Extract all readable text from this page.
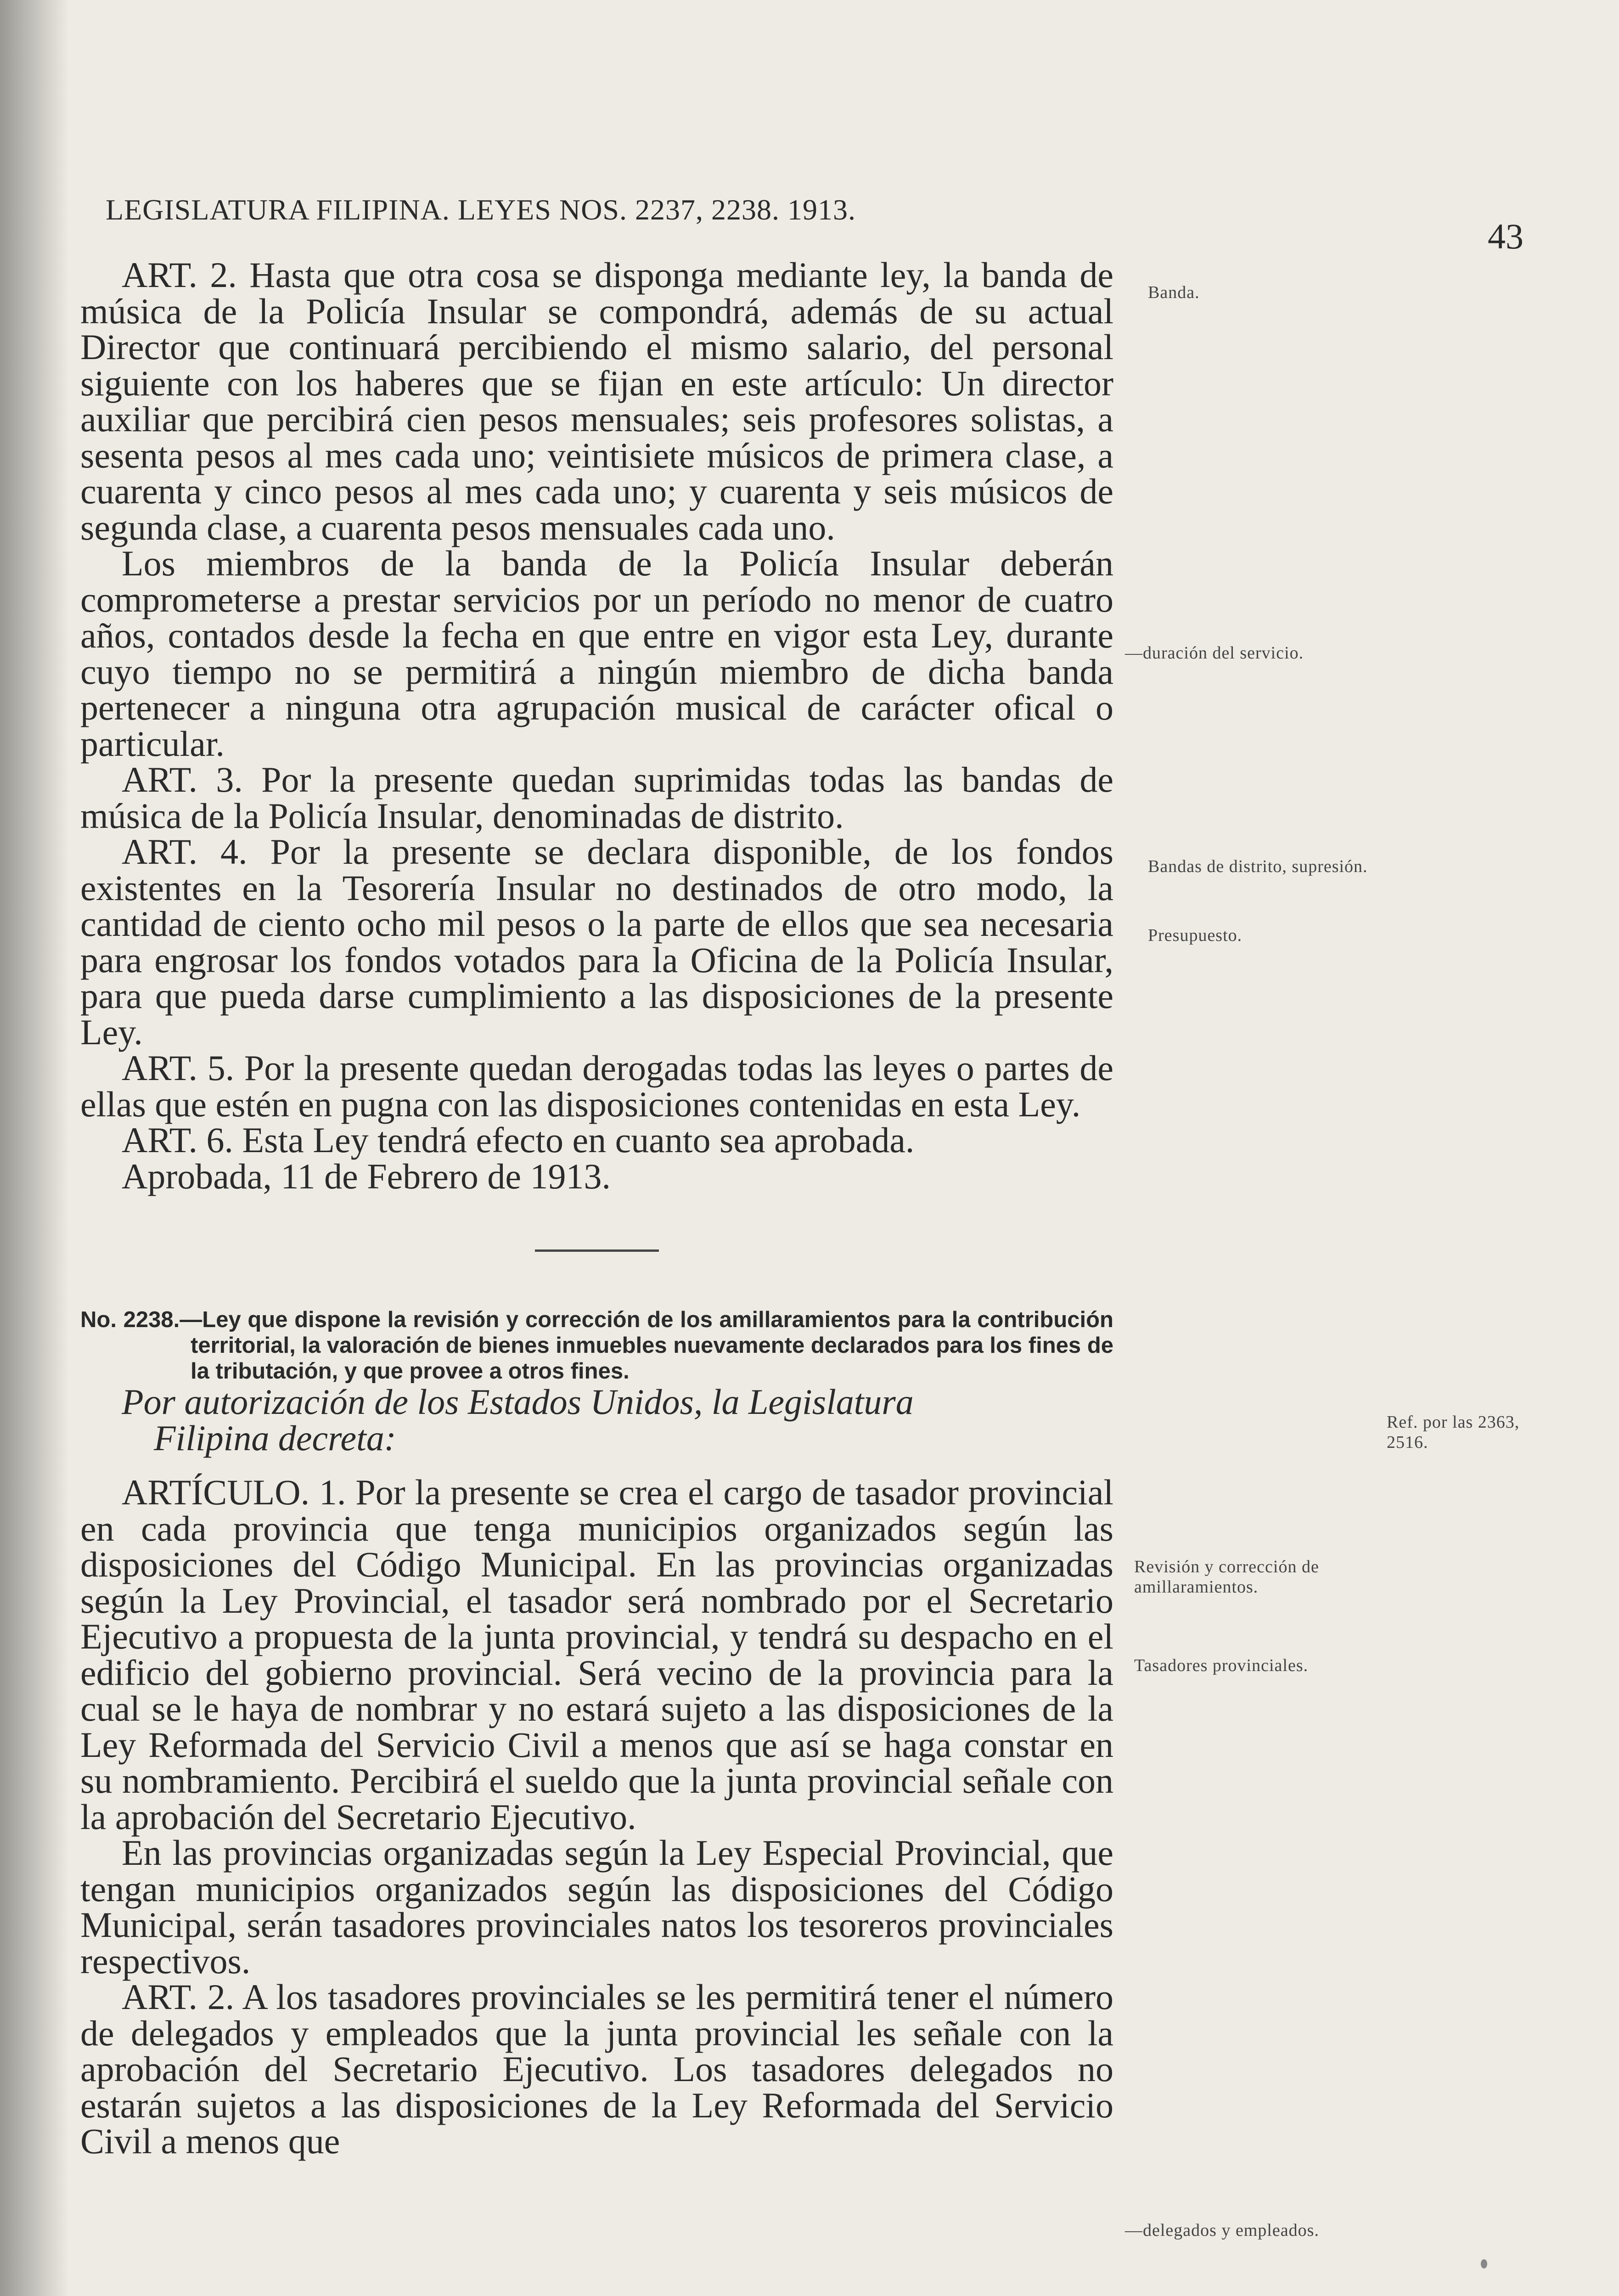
LEGISLATURA FILIPINA. LEYES NOS. 2237, 2238. 1913.
43

ART. 2. Hasta que otra cosa se disponga mediante ley, la banda de música de la Policía Insular se compondrá, además de su actual Director que continuará percibiendo el mismo salario, del personal siguiente con los haberes que se fijan en este artículo: Un director auxiliar que percibirá cien pesos mensuales; seis profesores solistas, a sesenta pesos al mes cada uno; veintisiete músicos de primera clase, a cuarenta y cinco pesos al mes cada uno; y cuarenta y seis músicos de segunda clase, a cuarenta pesos mensuales cada uno.

Los miembros de la banda de la Policía Insular deberán comprometerse a prestar servicios por un período no menor de cuatro años, contados desde la fecha en que entre en vigor esta Ley, durante cuyo tiempo no se permitirá a ningún miembro de dicha banda pertenecer a ninguna otra agrupación musical de carácter ofical o particular.

ART. 3. Por la presente quedan suprimidas todas las bandas de música de la Policía Insular, denominadas de distrito.

ART. 4. Por la presente se declara disponible, de los fondos existentes en la Tesorería Insular no destinados de otro modo, la cantidad de ciento ocho mil pesos o la parte de ellos que sea necesaria para engrosar los fondos votados para la Oficina de la Policía Insular, para que pueda darse cumplimiento a las disposiciones de la presente Ley.

ART. 5. Por la presente quedan derogadas todas las leyes o partes de ellas que estén en pugna con las disposiciones contenidas en esta Ley.

ART. 6. Esta Ley tendrá efecto en cuanto sea aprobada.

Aprobada, 11 de Febrero de 1913.

No. 2238.—Ley que dispone la revisión y corrección de los amillaramientos para la contribución territorial, la valoración de bienes inmuebles nuevamente declarados para los fines de la tributación, y que provee a otros fines.

Por autorización de los Estados Unidos, la Legislatura
Filipina decreta:

ARTÍCULO. 1. Por la presente se crea el cargo de tasador provincial en cada provincia que tenga municipios organizados según las disposiciones del Código Municipal. En las provincias organizadas según la Ley Provincial, el tasador será nombrado por el Secretario Ejecutivo a propuesta de la junta provincial, y tendrá su despacho en el edificio del gobierno provincial. Será vecino de la provincia para la cual se le haya de nombrar y no estará sujeto a las disposiciones de la Ley Reformada del Servicio Civil a menos que así se haga constar en su nombramiento. Percibirá el sueldo que la junta provincial señale con la aprobación del Secretario Ejecutivo.

En las provincias organizadas según la Ley Especial Provincial, que tengan municipios organizados según las disposiciones del Código Municipal, serán tasadores provinciales natos los tesoreros provinciales respectivos.

ART. 2. A los tasadores provinciales se les permitirá tener el número de delegados y empleados que la junta provincial les señale con la aprobación del Secretario Ejecutivo. Los tasadores delegados no estarán sujetos a las disposiciones de la Ley Reformada del Servicio Civil a menos que

Banda.
—duración del servicio.
Bandas de distrito, supresión.
Presupuesto.
Ref. por las 2363, 2516.
Revisión y corrección de amillaramientos.
Tasadores provinciales.
—delegados y empleados.
